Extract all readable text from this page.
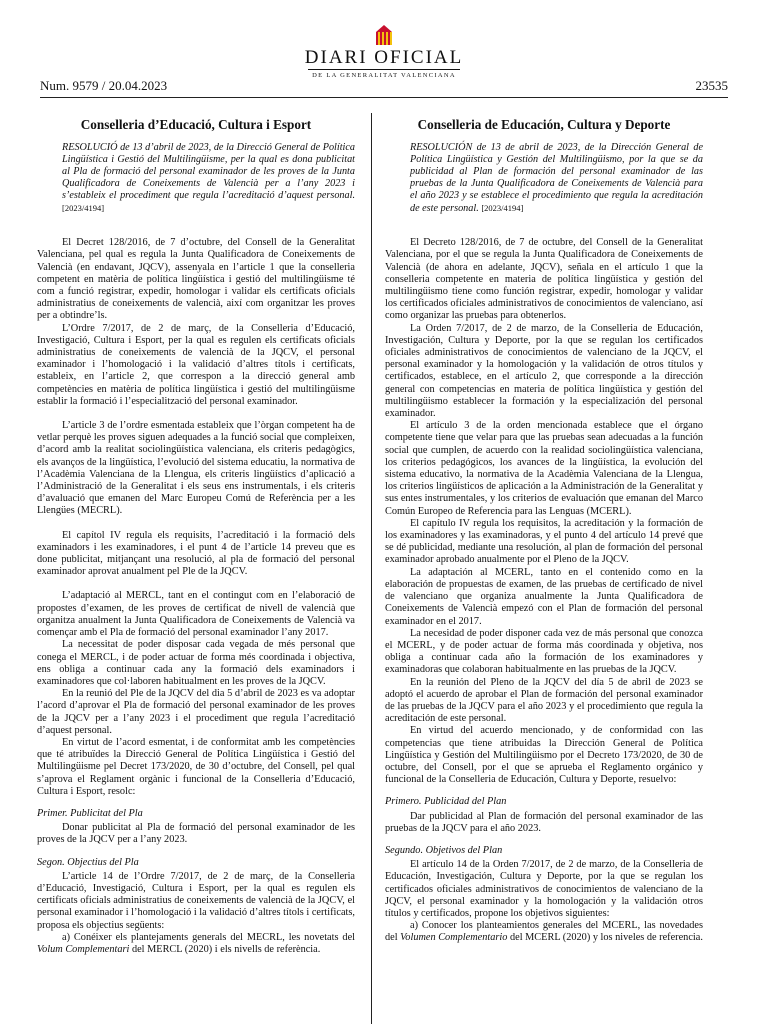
Num. 9579 / 20.04.2023
DIARI OFICIAL
DE LA GENERALITAT VALENCIANA
23535
Conselleria d’Educació, Cultura i Esport
RESOLUCIÓ de 13 d’abril de 2023, de la Direcció General de Política Lingüística i Gestió del Multilingüisme, per la qual es dona publicitat al Pla de formació del personal examinador de les proves de la Junta Qualificadora de Coneixements de Valencià per a l’any 2023 i s’estableix el procediment que regula l’acreditació d’aquest personal. [2023/4194]

El Decret 128/2016, de 7 d’octubre, del Consell de la Generalitat Valenciana, pel qual es regula la Junta Qualificadora de Coneixements de Valencià (en endavant, JQCV), assenyala en l’article 1 que la conselleria competent en matèria de política lingüística i gestió del multilingüisme té com a funció registrar, expedir, homologar i validar els certificats oficials administratius de coneixements de valencià, així com organitzar les proves per a obtindre’ls.

L’Ordre 7/2017, de 2 de març, de la Conselleria d’Educació, Investigació, Cultura i Esport, per la qual es regulen els certificats oficials administratius de coneixements de valencià de la JQCV, el personal examinador i l’homologació i la validació d’altres títols i certificats, estableix, en l’article 2, que correspon a la direcció general amb competències en matèria de política lingüística i gestió del multilingüisme establir la formació i l’especialització del personal examinador.

L’article 3 de l’ordre esmentada estableix que l’òrgan competent ha de vetlar perquè les proves siguen adequades a la funció social que compleixen, d’acord amb la realitat sociolingüística valenciana, els criteris pedagògics, els avanços de la lingüística, l’evolució del sistema educatiu, la normativa de l’Acadèmia Valenciana de la Llengua, els criteris lingüístics d’aplicació a l’Administració de la Generalitat i els seus ens instrumentals, i els criteris d’avaluació que emanen del Marc Europeu Comú de Referència per a les Llengües (MECRL).

El capítol IV regula els requisits, l’acreditació i la formació dels examinadors i les examinadores, i el punt 4 de l’article 14 preveu que es done publicitat, mitjançant una resolució, al pla de formació del personal examinador aprovat anualment pel Ple de la JQCV.

L’adaptació al MERCL, tant en el contingut com en l’elaboració de propostes d’examen, de les proves de certificat de nivell de valencià que organitza anualment la Junta Qualificadora de Coneixements de Valencià va començar amb el Pla de formació del personal examinador l’any 2017.

La necessitat de poder disposar cada vegada de més personal que conega el MERCL, i de poder actuar de forma més coordinada i objectiva, ens obliga a continuar cada any la formació dels examinadors i examinadores que col·laboren habitualment en les proves de la JQCV.

En la reunió del Ple de la JQCV del dia 5 d’abril de 2023 es va adoptar l’acord d’aprovar el Pla de formació del personal examinador de les proves de la JQCV per a l’any 2023 i el procediment que regula l’acreditació d’aquest personal.

En virtut de l’acord esmentat, i de conformitat amb les competències que té atribuïdes la Direcció General de Política Lingüística i Gestió del Multilingüisme pel Decret 173/2020, de 30 d’octubre, del Consell, pel qual s’aprova el Reglament orgànic i funcional de la Conselleria d’Educació, Cultura i Esport, resolc:

Primer. Publicitat del Pla

Donar publicitat al Pla de formació del personal examinador de les proves de la JQCV per a l’any 2023.

Segon. Objectius del Pla

L’article 14 de l’Ordre 7/2017, de 2 de març, de la Conselleria d’Educació, Investigació, Cultura i Esport, per la qual es regulen els certificats oficials administratius de coneixements de valencià de la JQCV, el personal examinador i l’homologació i la validació d’altres títols i certificats, proposa els objectius següents:

a) Conéixer els plantejaments generals del MECRL, les novetats del Volum Complementari del MERCL (2020) i els nivells de referència.

Conselleria de Educación, Cultura y Deporte
RESOLUCIÓN de 13 de abril de 2023, de la Dirección General de Política Lingüística y Gestión del Multilingüismo, por la que se da publicidad al Plan de formación del personal examinador de las pruebas de la Junta Qualificadora de Coneixements de Valencià para el año 2023 y se establece el procedimiento que regula la acreditación de este personal. [2023/4194]

El Decreto 128/2016, de 7 de octubre, del Consell de la Generalitat Valenciana, por el que se regula la Junta Qualificadora de Coneixements de Valencià (de ahora en adelante, JQCV), señala en el artículo 1 que la conselleria competente en materia de política lingüística y gestión del multilingüismo tiene como función registrar, expedir, homologar y validar los certificados oficiales administrativos de conocimientos de valenciano, así como organizar las pruebas para obtenerlos.

La Orden 7/2017, de 2 de marzo, de la Conselleria de Educación, Investigación, Cultura y Deporte, por la que se regulan los certificados oficiales administrativos de conocimientos de valenciano de la JQCV, el personal examinador y la homologación y la validación de otros títulos y certificados, establece, en el artículo 2, que corresponde a la dirección general con competencias en materia de política lingüística y gestión del multilingüismo establecer la formación y la especialización del personal examinador.

El artículo 3 de la orden mencionada establece que el órgano competente tiene que velar para que las pruebas sean adecuadas a la función social que cumplen, de acuerdo con la realidad sociolingüística valenciana, los criterios pedagógicos, los avances de la lingüística, la evolución del sistema educativo, la normativa de la Acadèmia Valenciana de la Llengua, los criterios lingüísticos de aplicación a la Administración de la Generalitat y sus entes instrumentales, y los criterios de evaluación que emanan del Marco Común Europeo de Referencia para las Lenguas (MCERL).

El capítulo IV regula los requisitos, la acreditación y la formación de los examinadores y las examinadoras, y el punto 4 del artículo 14 prevé que se dé publicidad, mediante una resolución, al plan de formación del personal examinador aprobado anualmente por el Pleno de la JQCV.

La adaptación al MCERL, tanto en el contenido como en la elaboración de propuestas de examen, de las pruebas de certificado de nivel de valenciano que organiza anualmente la Junta Qualificadora de Coneixements de Valencià empezó con el Plan de formación del personal examinador en el 2017.

La necesidad de poder disponer cada vez de más personal que conozca el MCERL, y de poder actuar de forma más coordinada y objetiva, nos obliga a continuar cada año la formación de los examinadores y examinadoras que colaboran habitualmente en las pruebas de la JQCV.

En la reunión del Pleno de la JQCV del día 5 de abril de 2023 se adoptó el acuerdo de aprobar el Plan de formación del personal examinador de las pruebas de la JQCV para el año 2023 y el procedimiento que regula la acreditación de este personal.

En virtud del acuerdo mencionado, y de conformidad con las competencias que tiene atribuidas la Dirección General de Política Lingüística y Gestión del Multilingüismo por el Decreto 173/2020, de 30 de octubre, del Consell, por el que se aprueba el Reglamento orgánico y funcional de la Conselleria de Educación, Cultura y Deporte, resuelvo:

Primero. Publicidad del Plan

Dar publicidad al Plan de formación del personal examinador de las pruebas de la JQCV para el año 2023.

Segundo. Objetivos del Plan

El artículo 14 de la Orden 7/2017, de 2 de marzo, de la Conselleria de Educación, Investigación, Cultura y Deporte, por la que se regulan los certificados oficiales administrativos de conocimientos de valenciano de la JQCV, el personal examinador y la homologación y la validación otros títulos y certificados, propone los objetivos siguientes:

a) Conocer los planteamientos generales del MCERL, las novedades del Volumen Complementario del MCERL (2020) y los niveles de referencia.
